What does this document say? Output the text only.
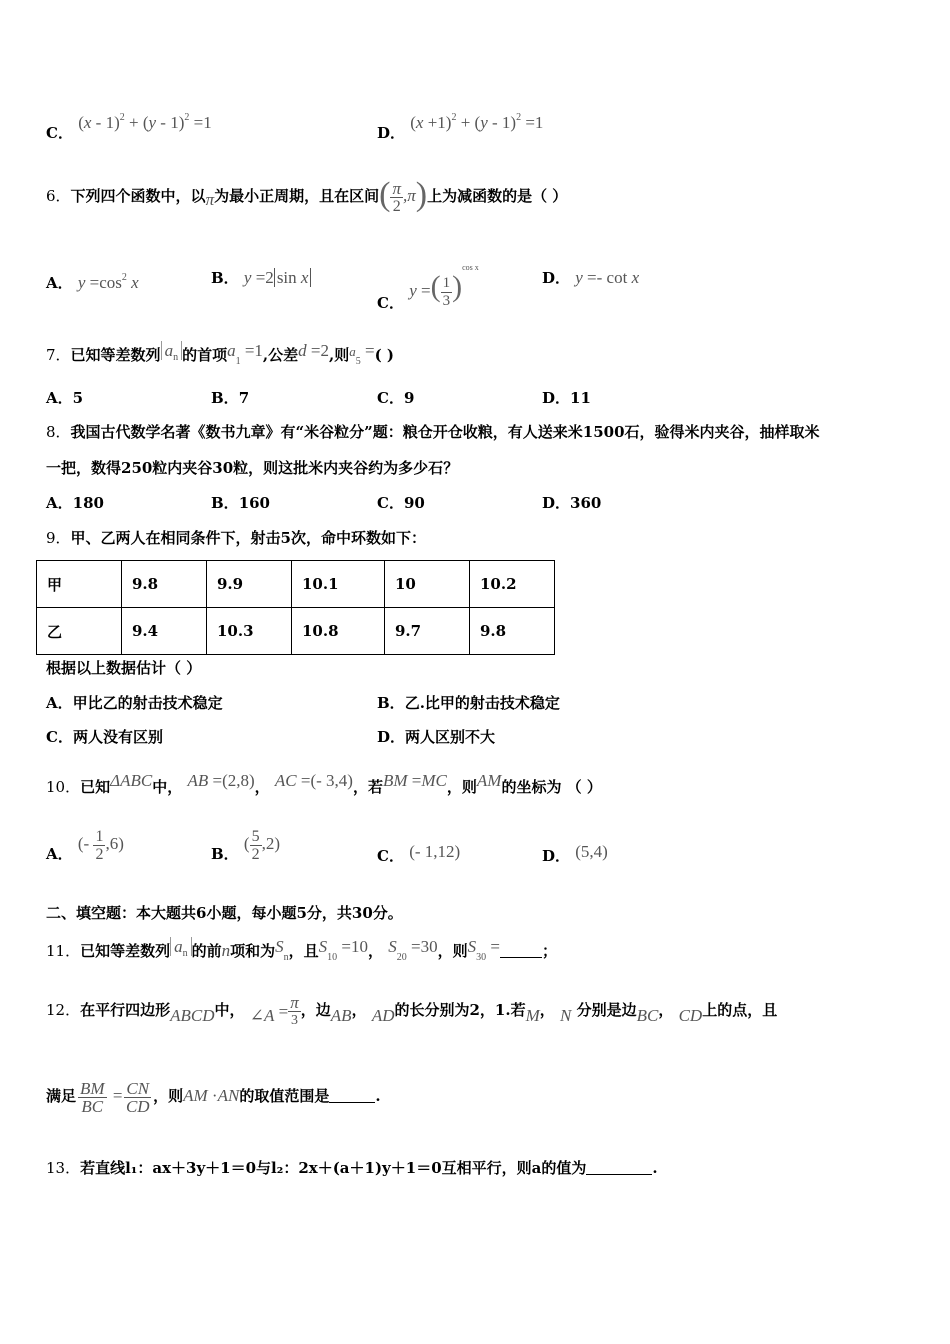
C． (x - 1)$^2$ + (y - 1)$^2$ =1
D． $(x +1)^2 + (y - 1)^2 =1$
6．下列四个函数中，以π为最小正周期，且在区间( $\frac{\pi}{2} ,\pi$)上为减函数的是（ ）
A． $y =\cos^2$ x	B． y =2 sin x
C． y =( $\frac{1}{3} )^{cos x}$
D． y =- cot x
7．已知等差数列 $a_n$ 的首项$a_1 =1$,公差d =2,则$a_5$ =( )
A．5	B．7	C．9	D．11
8．我国古代数学名著《数书九章》有“米谷粒分”题：粮仓开仓收粮，有人送来米1500石，验得米内夹谷，抽样取米
一把，数得250粒内夹谷30粒，则这批米内夹谷约为多少石？
A．180	B．160	C．90	D．360
9．甲、乙两人在相同条件下，射击5次，命中环数如下：
甲	9.8	9.9	10.1	10	10.2
乙	9.4	10.3	10.8	9.7	9.8
根据以上数据估计（ ）
A．甲比乙的射击技术稳定	B．乙.比甲的射击技术稳定
C．两人没有区别	D．两人区别不大
10．已知ΔABC中， AB =(2,8)， AC =(- 3,4)，若BM =MC，则AM的坐标为 （ ）
A． (- $\frac{1}{2} ,6$)
B． ( $\frac{5}{2} ,2$)
C． (- 1,12)	D． (5,4)
二、填空题：本大题共6小题，每小题5分，共30分。
11．已知等差数列 $a_n$ 的前n项和为$S_n$，且$S_{10} =10$， $S_{20} =30$，则$S_{30}$ =	；
12．在平行四边形ABCD中， ∠A = $\frac{\pi}{3}$ ，边AB， AD的长分别为2，1.若M， N 分别是边BC， CD上的点，且
满足 $\frac{BM}{BC} = \frac{CN}{CD}$ ，则AM ·AN的取值范围是	.
13．若直线l₁：ax＋3y＋1＝0与l₂：2x＋(a＋1)y＋1＝0互相平行，则a的值为	.
